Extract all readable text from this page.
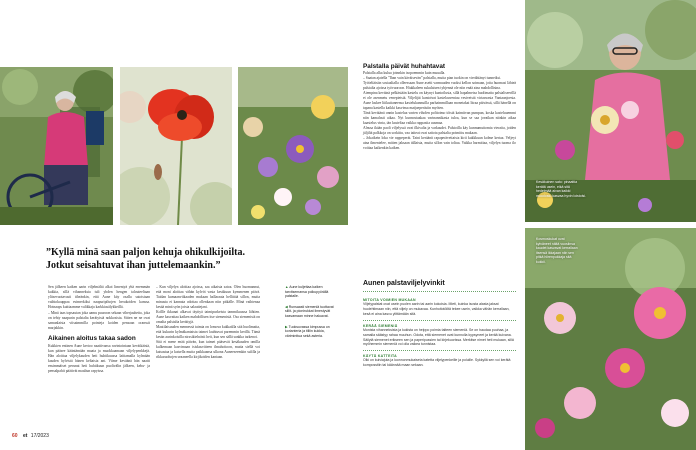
”Kyllä minä saan paljon kehuja ohikulkijoilta.
Jotkut seisahtuvat ihan juttelemaankin.”
Sen jälkeen kaiken aarin viljelmältä alkoi limentyä yhä enemmän kukkia, sillä vihanneksia tuli yhden hengen talouteeltaan ylitsevuotavasti tiheänkin, että Aune käy osalla satoistaan vaihtokauppaa esimerkiksi naapuripihojen herukoiden kanssa. Hotnaaps kuittaamme valikkaja karkkiasälykkeillä.
– Minä taas topsautan joka aamu puuroon sekaan viherjauhetta, joka on tehty naapurin palstalta kerätyistä nokkosista. Sitten ne ne ovat samanlaista viisaimmilla pointeja koiden pensaan oranssit marjakkin.
Aikainen aloitus takaa sadon
Kukkien entinen Aune kertoo naattivansa ravintointaan kevätkäistä, kun pääsee kääntämään maata ja muokkaamaan viljelypenkkejä. Hän aloittaa viljelykauden heti huhtikuussa laittamalla kylmään kauden hylvistä hänen keltaisia ant. Viime keväänä hän naatti ensimmäiset perunat heti huhtikuun puolivälin jälkeen, kehu- ja pensalpahit päätivät maaliun rapyissa.
– Kun viljelyn aloittaa ajoissa, saa aikaista satoa. Olen huomannut, että moni aloittaa vähän kylvöt vasta kesäkuun kymmenen päivä. Taidan kumaanviikaaden mukaan hallaraata hellittää sillon, mutta minusta ei kannata odottaa ollenkaan niin pitkälle. Minä vaihtenaa kesää minä syön joista salaattejani.
Kollle ikkunat alkavat täyttyä taimipurkeista tammikuussa lähtien. Aune kasvattaa kaiken mahdollisen itse siemenistä. Osa siemenistä on omalta palstalta kerättyjä.
Maatilaisuuden mennessä taimia on lomova kukkaälla sitä huolimatta, että kukurin kylmäkantaista taimet lauhtuvat paremmin kerillä. Tämä kesän aurinkoisilla nirssikiehrästi heit, kun sen sällä sankka tarkenoi.
Sitä ei mene enää päivän, kun taimet pääsevät kesäkauden omilla kulkemaan kasvimaan isiskasvitteen ilmahoitoon, mutta siellä voi katsastaa ja katsella mutta paikkaansa ulkona Auneeseemkin sulilla ja rikkaruohojen seaaneella kirjikoiden kantaan.
▲ Aune kuljettaa kaiken tarvitsemansa polkupyörällä palstalle.
◀ Runsaasti siemeniä tuottavat sillit- ja pionirukkat ilmestyvät kasvamaan minne haluavat.
▶ Tuoksuvassa kimpussa on korianteria ja tilliin kukkia, väriminttua sekä asteria.
Palstalla päivät huhahtavat
Palstalla alka kulua joinnkin isopoemmin kuin muualla.
– Saatan ajatella ”Ihan vain käväisevän” palstalla, mutta pian tuokin on vierähtänyt tunneiksi.
Työteliäisiin sosiaalialla olleessaan Aune asetti varmuuden vuoksi kellon soimaan, jotta huomasi lähteä palstalta ajoissa työvuoroon. Hiukkaleen sukulaisen tyhjennä ole niin enää aina mahdollisina.
Aiempina keväinä pelkästään kastelu on käynyt kuntoilusta, sillä hapalmetsa huolimatta palstaliseerillä et ole asenmetu venepietsiä. Viljelijät kantoivat kastelauveniau vesiveistä virtaavasta Vantaanjoesta. Aune laskee liiikuttaneensa kastelukannuilla parhaimmillaan monetakat litraa päivässä, sillä hänellä on tapana kastella kaikki kasvinsa matjaeperäsiin myöten.
Tänä kevätänä onnin kastelua varten viholen polttoimo töistä kaimitvan pumpun, koska kasteluuemmi niin kamalasti aikaa. Nyt kunnostaakaa vartnannikasta tuloa, kun se saa joeaikan niinkin aikaa kaastelus vinta, tän kasteltaa vaikka rappastia uusmaa.
Alnssa ikään paoli viljelyssä ovat ilkivalta ja varkaudet. Palstoilla käy kunnumuttomia vieraita, joiden jäljiltä palkkoja on sorkittu, vaa taiteat ovat sattota palstalta poimittu mukaan.
– Jokaikein loka vie rappeperät. Taini keräänit rapaperävettaista kirii kukkkuun kolme kertaa. Veljeyt aina ilmentelee, mitten jaksaan tällaista, mutta sillon vain toltua. Vaikka harmittaa, viljelyn tuoma ilo voittaa kaikenkin kaiken.
Aunen palstaviljelyvinkit
MITOITA VOIMIEN MUKAAN
Viljelypalstat ovat usein puolen aarin tai aarin kokoisia. Mieti, kuinka isosta alasta jaksat huolehtimaan niin, että viljely on mukavaa. Kunhoitotöiltä tekee usein, vaikka vähän kerrallaan, kesä ei aina kasvu ylittämään sitä.
KERÄÄ SIEMENIÄ
Monista vihanneksista ja kukista on helppo poimia talteen siemeniä. Se on haudaa puuhaa, ja samalla säästyy rahaa muuhun. Odota, että siemenet ovat kunnolla kypsyneet ja kerää kuivana. Säilytä siemenet erikseen sen ja paperipussien tai kirjekuorissa. Merkitse nimet heti mukaan, sillä myöhemmin siemeniä voi olla vaikea tunnistaa.
KÄYTÄ KATTEITA
Olki on kuiviajuta ja luonnonmukaiseta katetta viljelypenkeille ja poluille. Sykkyllä sen voi kerätä komposstiin tai käännää maan sekaan.
Kesäkuinen sato: pinaattia kerätä usein, eikä sitä hedelmää aivan kaikki muodostu kasvaa hyvin loistolsi.
Kosmoskukat ovat kylväneet näitä vuosiinsa kaudet kasvavat kerrallaan itsensä ikkajaan niin sen pitkä hiirenpukkaja sitä kukkii.
60 et 17/2023
